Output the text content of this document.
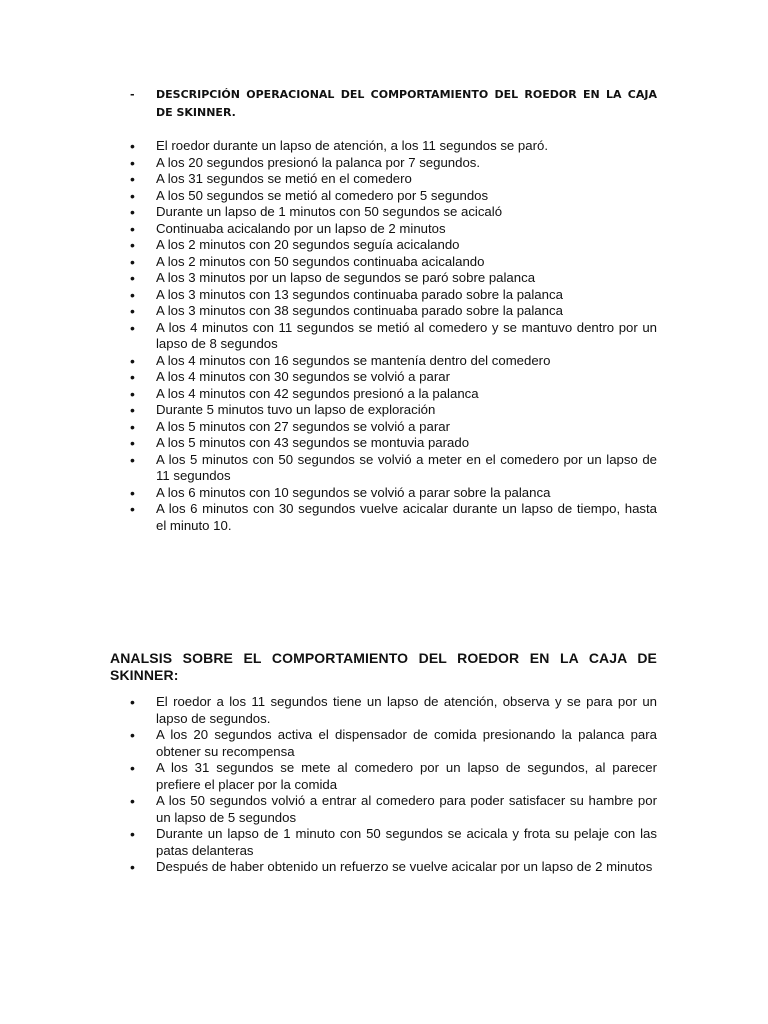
- DESCRIPCIÓN OPERACIONAL DEL COMPORTAMIENTO DEL ROEDOR EN LA CAJA DE SKINNER.
• El roedor durante un lapso de atención, a los 11 segundos se paró.
• A los 20 segundos presionó la palanca por 7 segundos.
• A los 31 segundos se metió en el comedero
• A los 50 segundos se metió al comedero por 5 segundos
• Durante un lapso de 1 minutos con 50 segundos se acicaló
• Continuaba acicalando por un lapso de 2 minutos
• A los 2 minutos con 20 segundos seguía acicalando
• A los 2 minutos con 50 segundos continuaba acicalando
• A los 3 minutos por un lapso de segundos se paró sobre palanca
• A los 3 minutos con 13 segundos continuaba parado sobre la palanca
• A los 3 minutos con 38 segundos continuaba parado sobre la palanca
• A los 4 minutos con 11 segundos se metió al comedero y se mantuvo dentro por un lapso de 8 segundos
• A los 4 minutos con 16 segundos se mantenía dentro del comedero
• A los 4 minutos con 30 segundos se volvió a parar
• A los 4 minutos con 42 segundos presionó a la palanca
• Durante 5 minutos tuvo un lapso de exploración
• A los 5 minutos con 27 segundos se volvió a parar
• A los 5 minutos con 43 segundos se montuvia parado
• A los 5 minutos con 50 segundos se volvió a meter en el comedero por un lapso de 11 segundos
• A los 6 minutos con 10 segundos se volvió a parar sobre la palanca
• A los 6 minutos con 30 segundos vuelve acicalar durante un lapso de tiempo, hasta el minuto 10.
ANALSIS SOBRE EL COMPORTAMIENTO DEL ROEDOR EN LA CAJA DE SKINNER:
• El roedor a los 11 segundos tiene un lapso de atención, observa y se para por un lapso de segundos.
• A los 20 segundos activa el dispensador de comida presionando la palanca para obtener su recompensa
• A los 31 segundos se mete al comedero por un lapso de segundos, al parecer prefiere el placer por la comida
• A los 50 segundos volvió a entrar al comedero para poder satisfacer su hambre por un lapso de 5 segundos
• Durante un lapso de 1 minuto con 50 segundos se acicala y frota su pelaje con las patas delanteras
• Después de haber obtenido un refuerzo se vuelve acicalar por un lapso de 2 minutos
